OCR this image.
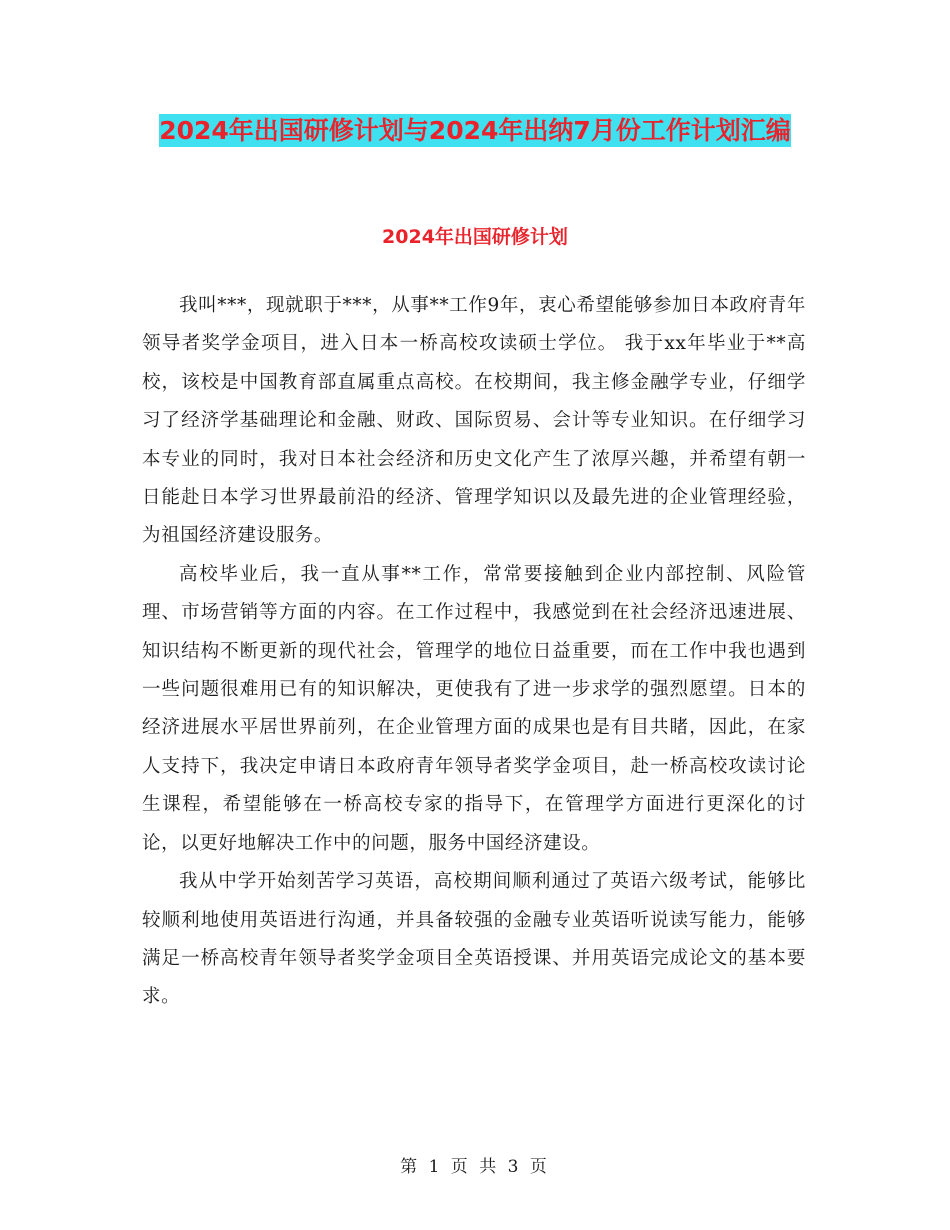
2024年出国研修计划与2024年出纳7月份工作计划汇编
2024年出国研修计划

我叫***，现就职于***，从事**工作9年，衷心希望能够参加日本政府青年领导者奖学金项目，进入日本一桥高校攻读硕士学位。 我于xx年毕业于**高校，该校是中国教育部直属重点高校。在校期间，我主修金融学专业，仔细学习了经济学基础理论和金融、财政、国际贸易、会计等专业知识。在仔细学习本专业的同时，我对日本社会经济和历史文化产生了浓厚兴趣，并希望有朝一日能赴日本学习世界最前沿的经济、管理学知识以及最先进的企业管理经验，为祖国经济建设服务。

高校毕业后，我一直从事**工作，常常要接触到企业内部控制、风险管理、市场营销等方面的内容。在工作过程中，我感觉到在社会经济迅速进展、知识结构不断更新的现代社会，管理学的地位日益重要，而在工作中我也遇到一些问题很难用已有的知识解决，更使我有了进一步求学的强烈愿望。日本的经济进展水平居世界前列，在企业管理方面的成果也是有目共睹，因此，在家人支持下，我决定申请日本政府青年领导者奖学金项目，赴一桥高校攻读讨论生课程，希望能够在一桥高校专家的指导下，在管理学方面进行更深化的讨论，以更好地解决工作中的问题，服务中国经济建设。

我从中学开始刻苦学习英语，高校期间顺利通过了英语六级考试，能够比较顺利地使用英语进行沟通，并具备较强的金融专业英语听说读写能力，能够满足一桥高校青年领导者奖学金项目全英语授课、并用英语完成论文的基本要求。

第 1 页 共 3 页
